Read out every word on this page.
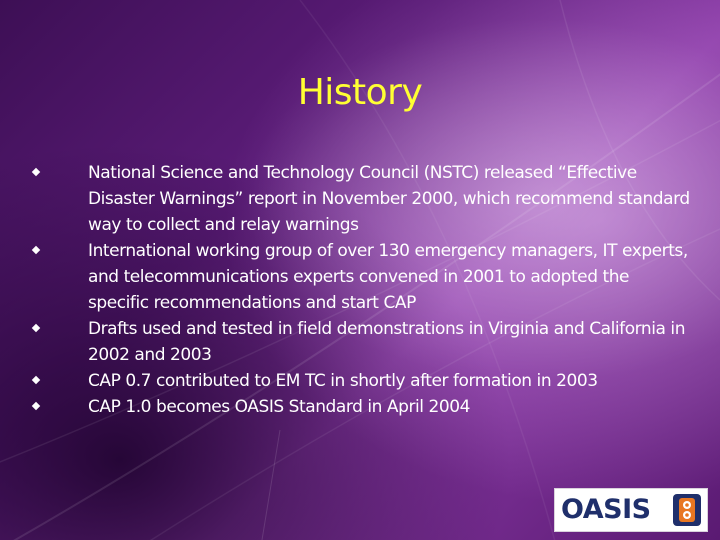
History
National Science and Technology Council (NSTC) released “Effective Disaster Warnings” report in November 2000, which recommend standard way to collect and relay warnings
International working group of over 130 emergency managers, IT experts, and telecommunications experts convened in 2001 to adopted the specific recommendations and start CAP
Drafts used and tested in field demonstrations in Virginia and California in 2002 and 2003
CAP 0.7 contributed to EM TC in shortly after formation in 2003
CAP 1.0 becomes OASIS Standard in April 2004
OASIS
